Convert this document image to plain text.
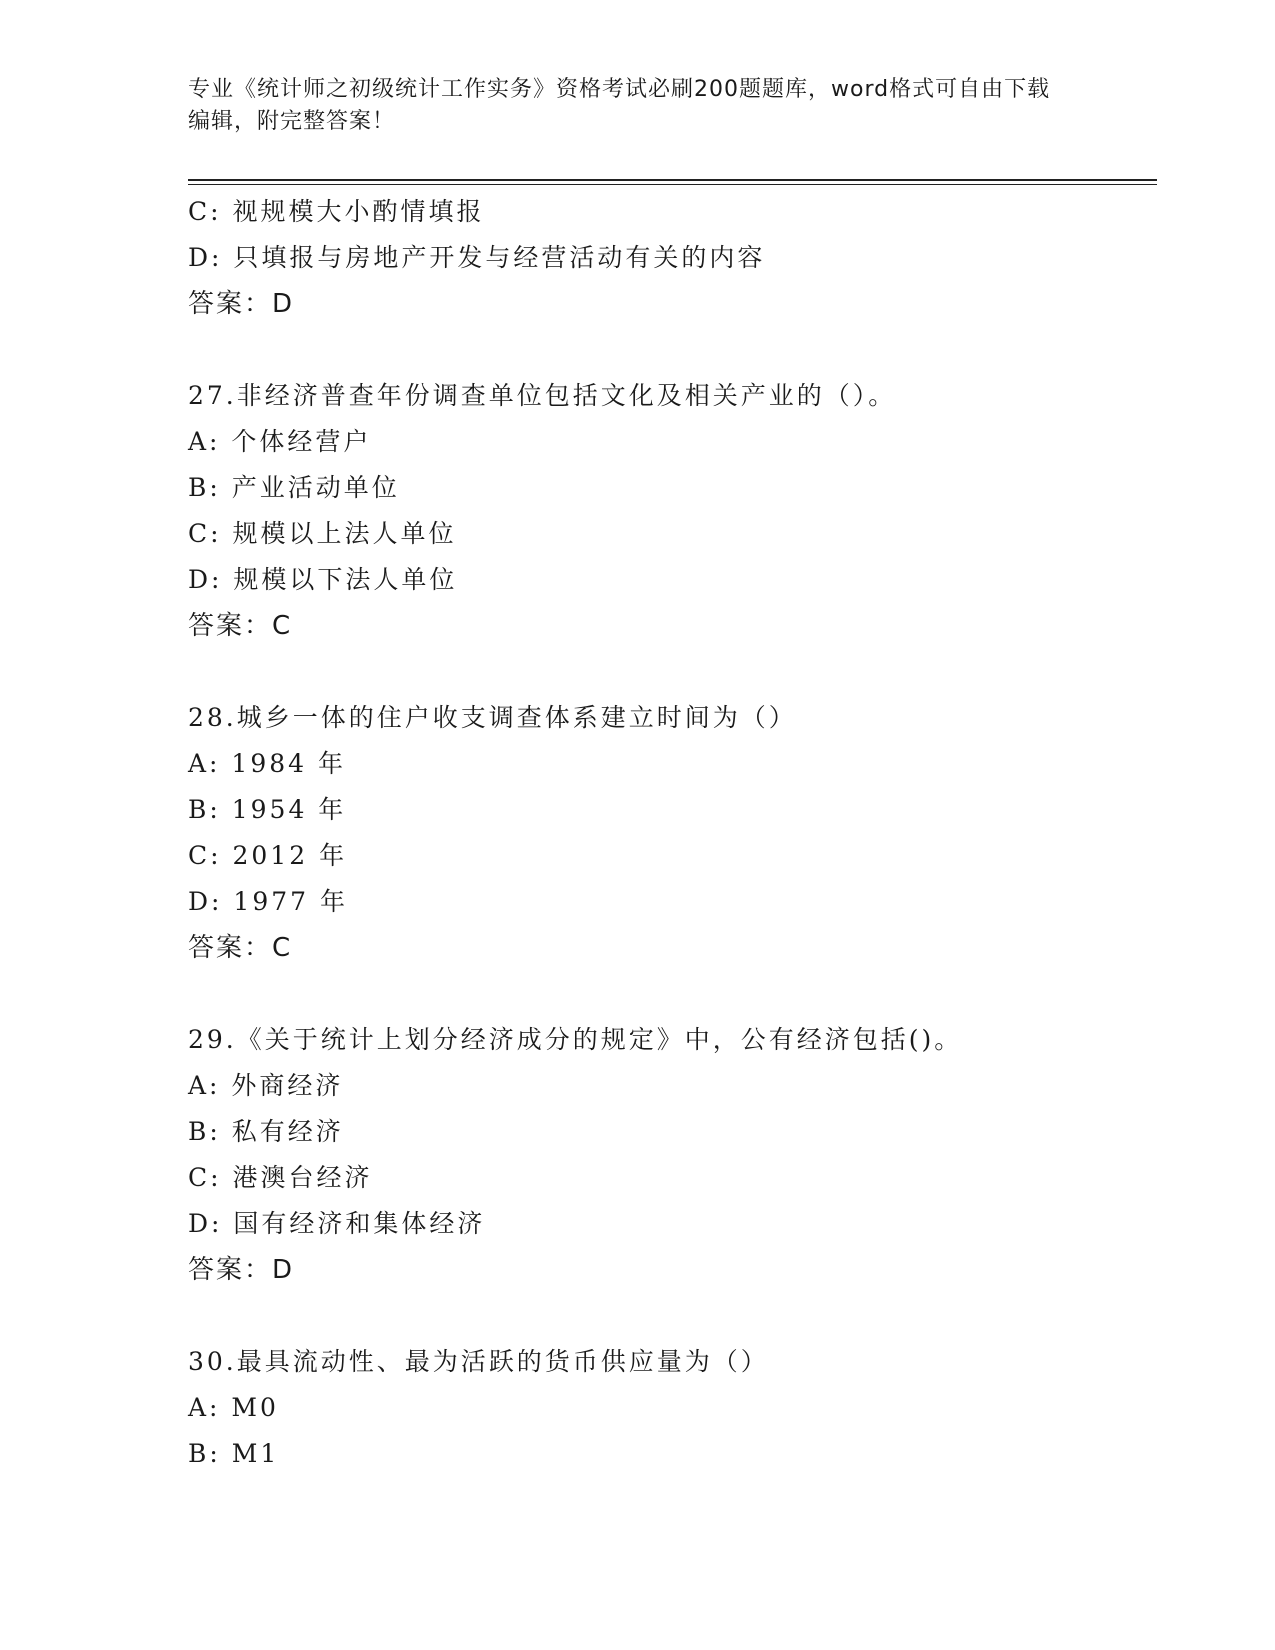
专业《统计师之初级统计工作实务》资格考试必刷200题题库，word格式可自由下载编辑，附完整答案！
C: 视规模大小酌情填报
D: 只填报与房地产开发与经营活动有关的内容
答案：D
27.非经济普查年份调查单位包括文化及相关产业的（）。
A: 个体经营户
B: 产业活动单位
C: 规模以上法人单位
D: 规模以下法人单位
答案：C
28.城乡一体的住户收支调查体系建立时间为（）
A: 1984 年
B: 1954 年
C: 2012 年
D: 1977 年
答案：C
29.《关于统计上划分经济成分的规定》中，公有经济包括()。
A: 外商经济
B: 私有经济
C: 港澳台经济
D: 国有经济和集体经济
答案：D
30.最具流动性、最为活跃的货币供应量为（）
A: M0
B: M1
